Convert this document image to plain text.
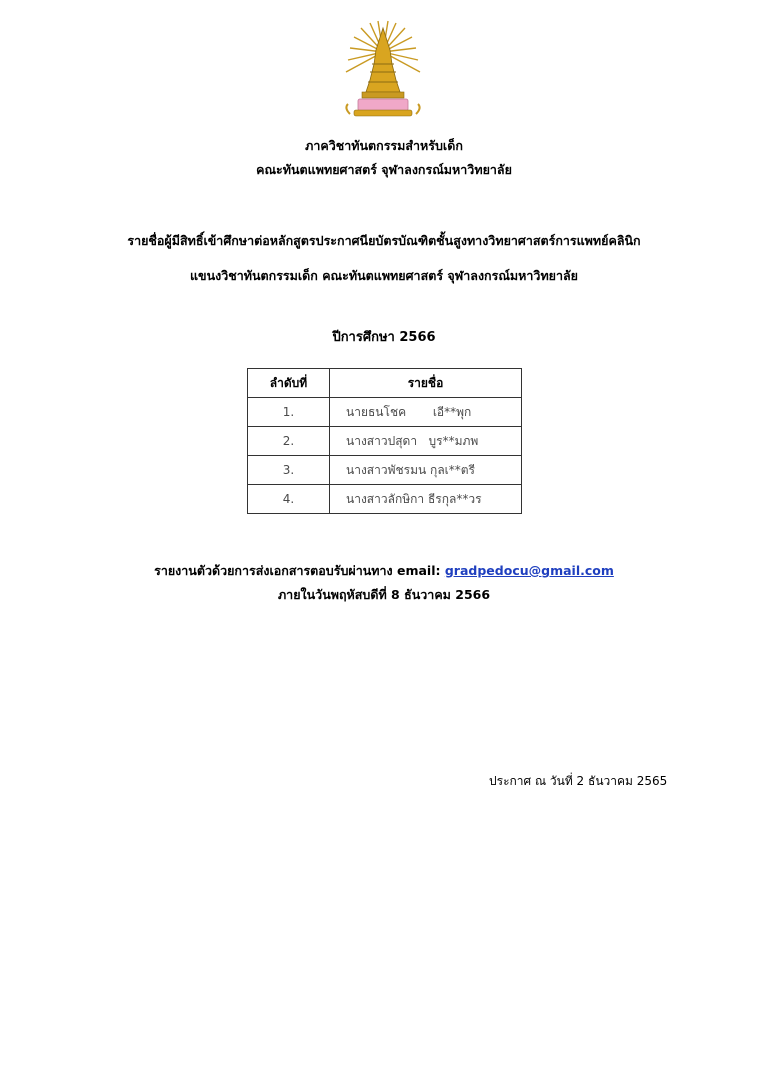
ภาควิชาทันตกรรมสำหรับเด็ก
คณะทันตแพทยศาสตร์ จุฬาลงกรณ์มหาวิทยาลัย
รายชื่อผู้มีสิทธิ์เข้าศึกษาต่อหลักสูตรประกาศนียบัตรบัณฑิตชั้นสูงทางวิทยาศาสตร์การแพทย์คลินิก
แขนงวิชาทันตกรรมเด็ก คณะทันตแพทยศาสตร์ จุฬาลงกรณ์มหาวิทยาลัย
ปีการศึกษา 2566
ลำดับที่	รายชื่อ
1.	นายธนโชค เอี**พุก
2.	นางสาวปสุดา บูร**มภพ
3.	นางสาวพัชรมน กุลเ**ตรี
4.	นางสาวลักษิกา ธีรกุล**วร
รายงานตัวด้วยการส่งเอกสารตอบรับผ่านทาง email: gradpedocu@gmail.com
ภายในวันพฤหัสบดีที่ 8 ธันวาคม 2566
ประกาศ ณ วันที่ 2 ธันวาคม 2565
